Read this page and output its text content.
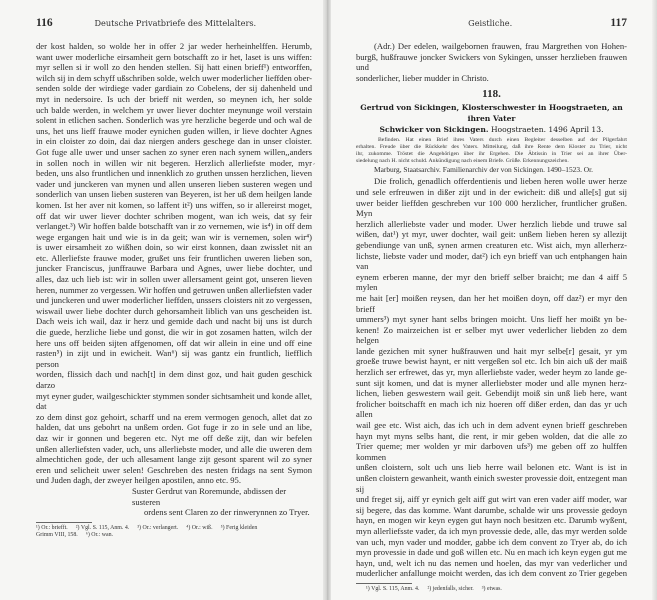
116	Deutsche Privatbriefe des Mittelalters.
der kost halden, so wolde her in offer 2 jar weder herheinhelffen. Herumb,
want uwer moderliche eirsamheit gern botschafft zo ir het, laset is uns wiffen:
myr sellen si ir woll zo den henden stellen. Sij hatt einen brieff¹) entworffen,
wilch sij in dem schyff ußschriben solde, welch uwer moderlicher lieffden ober-
senden solde der wirdiege vader gardiain zo Cobelens, der sij dahenheld und
myt in nedersoire. Is uch der brieff nit werden, so meynen ich, her solde
uch balde werden, in welchem yr uwer liever dochter meynunge woil verstain
solent in etlichen sachen. Sonderlich was yre herzliche begerde und och wal de
uns, het uns lieff frauwe moder eynichen guden willen, ir lieve dochter Agnes
in ein cloister zo doin, dai daz niergen anders geschege dan in unser cloister.
Got fuge alle uwer und unser sachen zo syner eren nach synem willen,,anders
in sollen noch in willen wir nit begeren. Herzlich allerliefste moder, myr
beden, uns also fruntlichen und innenklich zo gruthen unssen herzlichen, lieven
vader und junckeren van mynen und allen unseren lieben susteren wegen und
sonderlich van unsen lieben susteren van Beyeren, ist her uß dem heilgen lande
komen. Ist her aver nit komen, so laffent it²) uns wiffen, so ir allereirst moget,
off dat wir uwer liever dochter schriben mogent, wan ich weis, dat sy feir
verlanget.³) Wir hoffen balde botschafft van ir zo vernemen, wie is⁴) in off dem
wege ergangen hait und wie is in da geit; wan wir is vernemen, solen wir⁴)
is uwer eirsamheit zo wißhen doin, so wir eirst konnen, daan zwisslet nit an
etc. Allerliefste frauwe moder, grußet uns feir fruntlichen uweren lieben son,
juncker Franciscus, junffrauwe Barbara und Agnes, uwer liebe dochter, und
alles, daz uch lieb ist: wir in sollen uwer allersament geint got, unseren lieven
heren, nummer zo vergessen. Wir hoffen und getruwen unßen allerliefsten vader
und junckeren und uwer moderlicher lieffden, unssers cloisters nit zo vergessen,
wiswail uwer liebe dochter durch gehorsamheit liblich van uns gescheiden ist.
Dach weis ich wail, daz ir herz und gemide dach und nacht bij uns ist durch
die guede, herzliche liebe und gonst, die wir in got zosamen hatten, wilch der
here uns off beiden sijten affgenomen, off dat wir allein in eine und off eine
rasten⁵) in zijt und in ewicheit. Wan⁶) sij was gantz ein fruntlich, liefflich person
worden, flissich dach und nach[t] in dem dinst goz, und hait guden geschick darzo
myt eyner guder, wailgeschickter stymmen sonder sichtsamheit und konde allet, dat
zo dem dinst goz gehoirt, scharff und na erem vermogen genoch, allet dat zo
halden, dat uns gebohrt na unßem orden. Got fuge ir zo in sele und an libe,
daz wir ir gonnen und begeren etc. Nyt me off deße zijt, dan wir befelen
unßen allerliefsten vader, uch, uns allerliebste moder, und alle die uweren dem
almechtichen gode, der uch allesament lange zijt gesont sparent wil zo syner
eren und selicheit uwer selen! Geschreben des nesten fridags na sent Symon
und Juden dagh, der zweyer heilgen apostilen, anno etc. 95.
Suster Gerdrut van Roremunde, abdissen der susteren
ordens sent Claren zo der rinwerynnen zo Tryer.
¹) Or.: briefft. ²) Vgl. S. 115, Anm. 4. ³) Or.: verlangert. ⁴) Or.: wiß. ⁵) Ferig kleidenGrimm VIII, 158. ⁶) Or.: wan.
,
Geistliche.	117
(Adr.) Der edelen, wailgebornen frauwen, frau Margrethen von Hohen-
burgß, hußfrauwe joncker Swickers von Sykingen, unsser herzlieben frauwen und
sonderlicher, lieber mudder in Christo.
118.
Gertrud von Sickingen, Klosterschwester in Hoogstraeten, an ihren Vater
Schwicker von Sickingen. Hoogstraeten. 1496 April 13.
Befinden. Hat einen Brief ihres Vaters durch einen Begleiter desselben auf der Pilgerfahrt
erhalten. Freude über die Rückkehr des Vaters. Mitteilung, daß ihre Rente dem Kloster zu Trier, nicht
ihr, zukomme. Tröstet die Angehörigen über ihr Ergehen. Die Äbtissin in Trier sei an ihrer Über-
siedelung nach H. nicht schuld. Ankündigung nach einem Briefe. Grüße. Erkennungszeichen.
Marburg, Staatsarchiv. Familienarchiv der von Sickingen. 1490–1523. Or.
Die frolich, genadlich offerdentienis und lieben heren wolle uwer herze
und sele erfreuwen in dißer zijt und in der ewicheit: diß und alle[s] gut sij
uwer beider lieffden geschreben vur 100 000 herzlicher, fruntlicher grußen. Myn
herzlich allerliebste vader und moder. Uwer herzlich liebde und truwe sal
wißen, dat¹) yt myr, uwer dochter, wail geit: unßem lieben heren sy allezijt
gebendiunge van unß, synen armen creaturen etc. Wist aich, myn allerherz-
lichste, liebste vader und moder, dat²) ich eyn brieff van uch entphangen hain van
eynem erberen manne, der myr den brieff selber braicht; me dan 4 aiff 5 mylen
me hait [er] moißen reysen, dan her het moißen doyn, off daz²) er myr den brieff
ummers³) myt syner hant selbs bringen moicht. Uns lieff her moißt yn be-
kenen! Zo mairzeichen ist er selber myt uwer vederlicher liebden zo dem helgen
lande gezichen mit syner hußfrauwen und hait myr selbe[r] gesait, yr ym
groeße truwe bewist haynt, er nitt vergeßen sol etc. Ich bin aich uß der maiß
herzlich ser erfrewet, das yr, myn allerliebste vader, weder heym zo lande ge-
sunt sijt komen, und dat is myner allerliebster moder und alle mynen herz-
lichen, lieben geswestern wail geit. Gebendijt moiß sin unß lieb here, want
frolicher boitschafft en mach ich niz hoeren off dißer erden, dan das yr uch allen
wail gee etc. Wist aich, das ich uch in dem advent eynen brieff geschreben
hayn myt myns selbs hant, die rent, ir mir geben wolden, dat die alle zo
Trier queme; mer wolden yr mir darboven ufs³) me geben off zo hulffen kommen
unßen cloistern, solt uch uns lieb herre wail belonen etc. Want is ist in
unßen cloistern gewanheit, wanth einich swester provessie doit, entzegent man sij
und freget sij, aiff yr eynich gelt aiff gut wirt van eren vader aiff moder, war
sij begere, das das komme. Want darumbe, schalde wir uns provessie gedoyn
hayn, en mogen wir keyn eygen gut hayn noch besitzen etc. Darumb wyßent,
myn allerliefsste vader, da ich myn provessie dede, alle, das myr werden solde
van uch, myn vader und modder, gabbe ich dem convent zo Tryer ab, do ich
myn provessie in dade und goß willen etc. Nu en mach ich keyn eygen gut me
hayn, und, welt ich nu das nemen und hoelen, das myr van vederlicher und
muderlicher anfallunge moicht werden, das ich dem convent zo Trier gegeben
¹) Vgl. S. 115, Anm. 4. ²) jedenfalls, sicher. ³) etwas.
